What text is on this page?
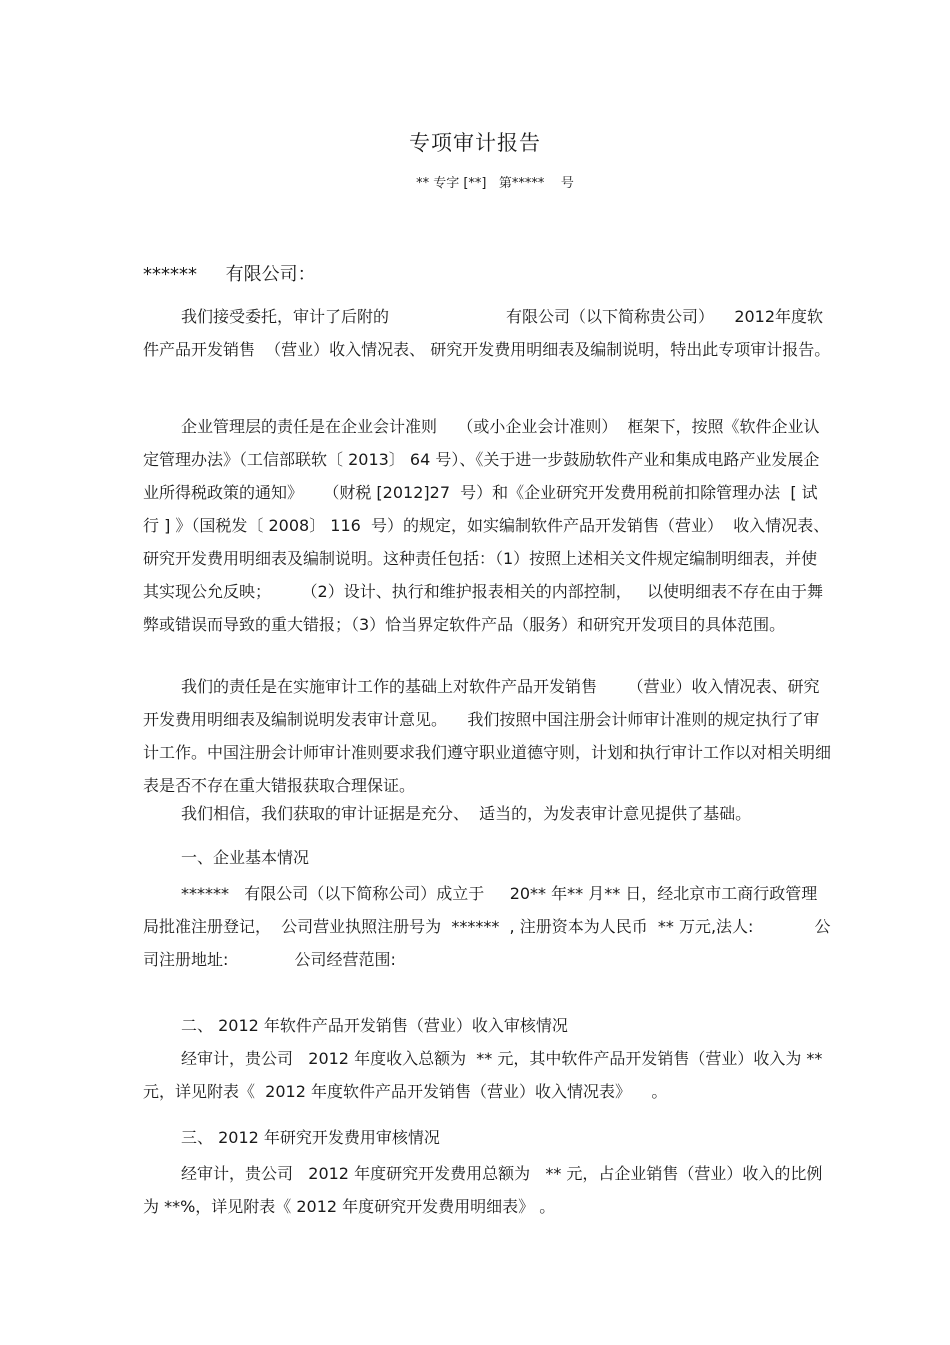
专项审计报告
** 专字 [**]   第*****    号
******     有限公司：

我们接受委托，审计了后附的                       有限公司（以下简称贵公司）    2012年度软件产品开发销售  （营业）收入情况表、 研究开发费用明细表及编制说明，特出此专项审计报告。

企业管理层的责任是在企业会计准则    （或小企业会计准则）  框架下，按照《软件企业认定管理办法》（工信部联软〔 2013〕 64 号）、《关于进一步鼓励软件产业和集成电路产业发展企业所得税政策的通知》    （财税 [2012]27  号）和《企业研究开发费用税前扣除管理办法  [ 试行 ] 》（国税发〔 2008〕 116  号）的规定，如实编制软件产品开发销售（营业）  收入情况表、研究开发费用明细表及编制说明。这种责任包括：（1）按照上述相关文件规定编制明细表，并使其实现公允反映；      （2）设计、执行和维护报表相关的内部控制，   以使明细表不存在由于舞弊或错误而导致的重大错报；（3）恰当界定软件产品（服务）和研究开发项目的具体范围。

我们的责任是在实施审计工作的基础上对软件产品开发销售      （营业）收入情况表、研究开发费用明细表及编制说明发表审计意见。    我们按照中国注册会计师审计准则的规定执行了审计工作。中国注册会计师审计准则要求我们遵守职业道德守则，计划和执行审计工作以对相关明细表是否不存在重大错报获取合理保证。

我们相信，我们获取的审计证据是充分、  适当的，为发表审计意见提供了基础。

一、企业基本情况

******   有限公司（以下简称公司）成立于     20** 年** 月** 日，经北京市工商行政管理局批准注册登记，  公司营业执照注册号为  ******  , 注册资本为人民币  ** 万元,法人:            公司注册地址:             公司经营范围:

二、 2012 年软件产品开发销售（营业）收入审核情况

经审计，贵公司   2012 年度收入总额为  ** 元，其中软件产品开发销售（营业）收入为 ** 元，详见附表《  2012 年度软件产品开发销售（营业）收入情况表》    。

三、 2012 年研究开发费用审核情况

经审计，贵公司   2012 年度研究开发费用总额为   ** 元，占企业销售（营业）收入的比例为 **%，详见附表《 2012 年度研究开发费用明细表》 。
